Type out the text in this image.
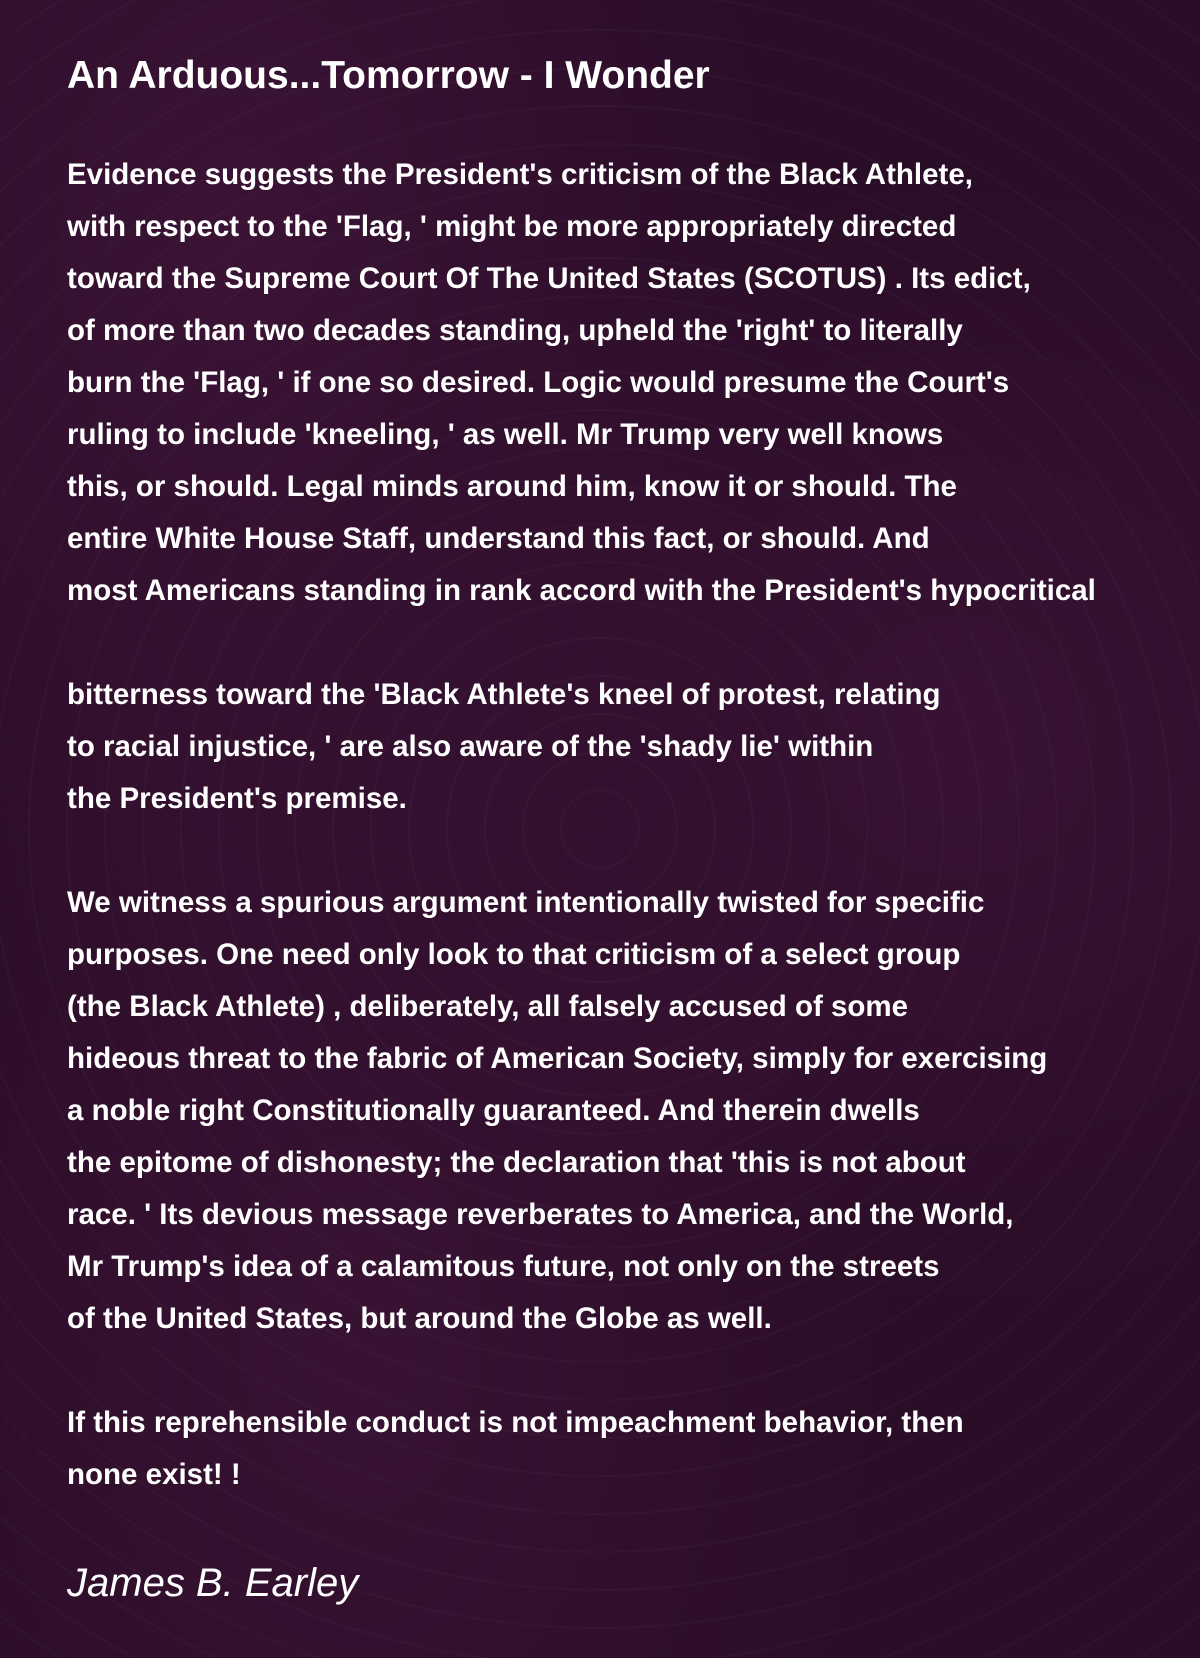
An Arduous...Tomorrow - I Wonder
Evidence suggests the President's criticism of the Black Athlete,
with respect to the 'Flag, ' might be more appropriately directed
toward the Supreme Court Of The United States (SCOTUS) . Its edict,
of more than two decades standing, upheld the 'right' to literally
burn the 'Flag, ' if one so desired. Logic would presume the Court's
ruling to include 'kneeling, ' as well. Mr Trump very well knows
this, or should. Legal minds around him, know it or should. The
entire White House Staff, understand this fact, or should. And
most Americans standing in rank accord with the President's hypocritical
bitterness toward the 'Black Athlete's kneel of protest, relating
to racial injustice, ' are also aware of the 'shady lie' within
the President's premise.
We witness a spurious argument intentionally twisted for specific
purposes. One need only look to that criticism of a select group
(the Black Athlete) , deliberately, all falsely accused of some
hideous threat to the fabric of American Society, simply for exercising
a noble right Constitutionally guaranteed. And therein dwells
the epitome of dishonesty; the declaration that 'this is not about
race. ' Its devious message reverberates to America, and the World,
Mr Trump's idea of a calamitous future, not only on the streets
of the United States, but around the Globe as well.
If this reprehensible conduct is not impeachment behavior, then
none exist! !
James B. Earley
